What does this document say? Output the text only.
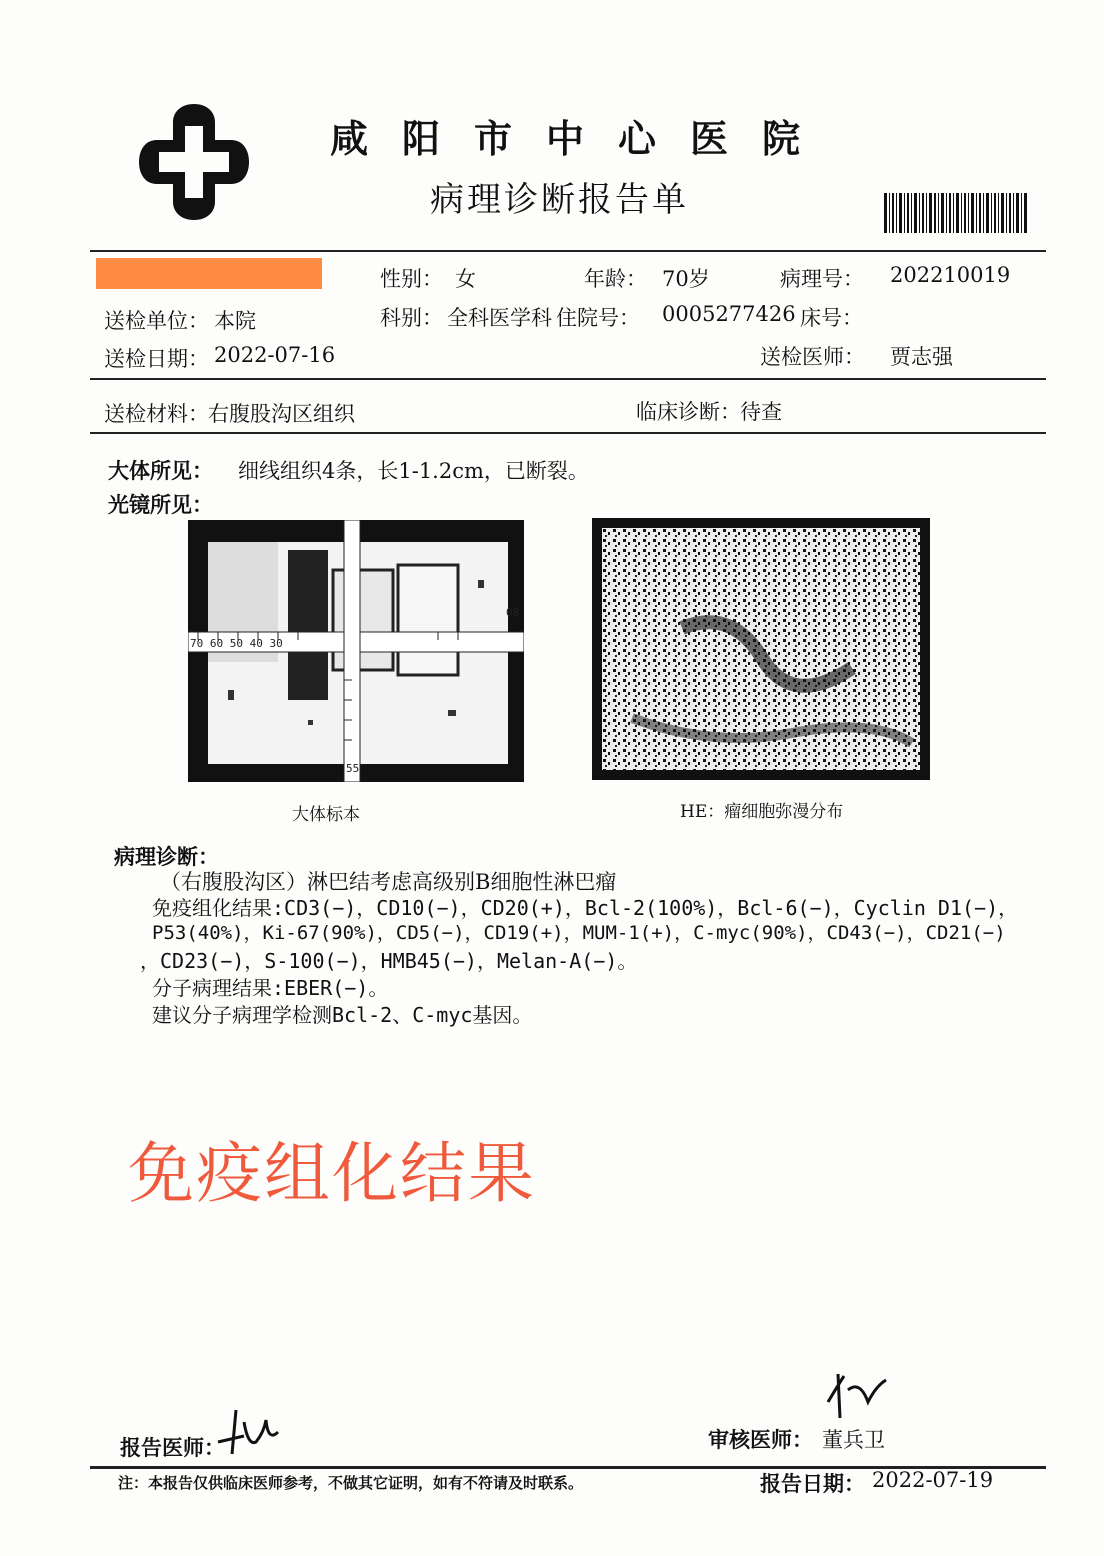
咸阳市中心医院
病理诊断报告单
性别： 女	年龄： 70岁	病理号： 202210019
送检单位： 本院	科别： 全科医学科 住院号： 0005277426 床号：
送检日期： 2022-07-16	送检医师： 贾志强
送检材料： 右腹股沟区组织	临床诊断： 待查
大体所见： 细线组织4条，长1-1.2cm，已断裂。
光镜所见：
70 60 50 40 30
55
08
大体标本	HE：瘤细胞弥漫分布
病理诊断：
（右腹股沟区）淋巴结考虑高级别B细胞性淋巴瘤
免疫组化结果:CD3(−)，CD10(−)，CD20(+)，Bcl-2(100%)，Bcl-6(−)，Cyclin D1(−)，
P53(40%)，Ki-67(90%)，CD5(−)，CD19(+)，MUM-1(+)，C-myc(90%)，CD43(−)，CD21(−)
，CD23(−)，S-100(−)，HMB45(−)，Melan-A(−)。
分子病理结果:EBER(−)。
建议分子病理学检测Bcl-2、C-myc基因。
免疫组化结果
报告医师：	审核医师： 董兵卫
注：本报告仅供临床医师参考，不做其它证明，如有不符请及时联系。	报告日期： 2022-07-19
